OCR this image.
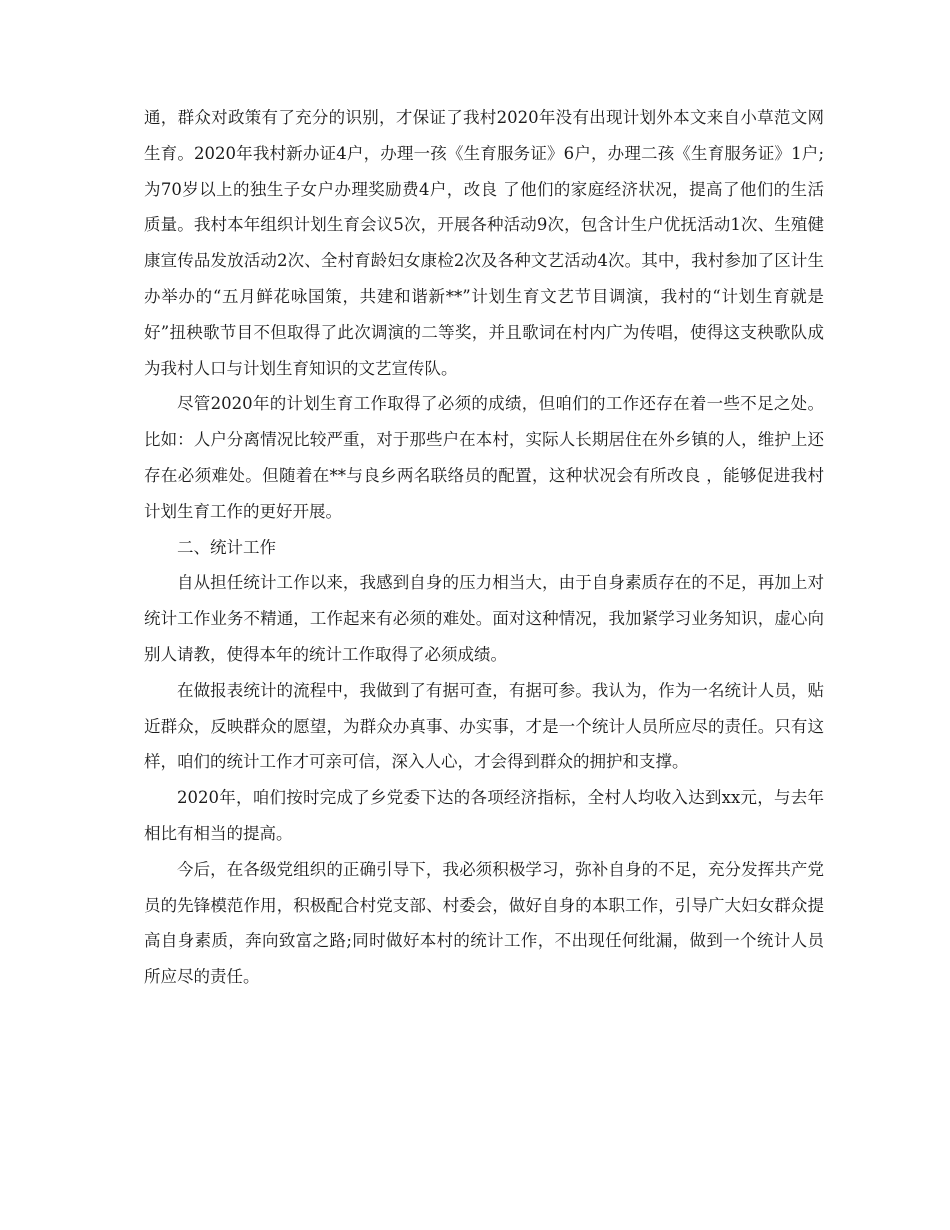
通，群众对政策有了充分的识别，才保证了我村2020年没有出现计划外本文来自小草范文网生育。2020年我村新办证4户，办理一孩《生育服务证》6户，办理二孩《生育服务证》1户;为70岁以上的独生子女户办理奖励费4户，改良 了他们的家庭经济状况，提高了他们的生活质量。我村本年组织计划生育会议5次，开展各种活动9次，包含计生户优抚活动1次、生殖健康宣传品发放活动2次、全村育龄妇女康检2次及各种文艺活动4次。其中，我村参加了区计生办举办的“五月鲜花咏国策，共建和谐新**”计划生育文艺节目调演，我村的“计划生育就是好”扭秧歌节目不但取得了此次调演的二等奖，并且歌词在村内广为传唱，使得这支秧歌队成为我村人口与计划生育知识的文艺宣传队。

尽管2020年的计划生育工作取得了必须的成绩，但咱们的工作还存在着一些不足之处。比如：人户分离情况比较严重，对于那些户在本村，实际人长期居住在外乡镇的人，维护上还存在必须难处。但随着在**与良乡两名联络员的配置，这种状况会有所改良 ，能够促进我村计划生育工作的更好开展。

二、统计工作

自从担任统计工作以来，我感到自身的压力相当大，由于自身素质存在的不足，再加上对统计工作业务不精通，工作起来有必须的难处。面对这种情况，我加紧学习业务知识，虚心向别人请教，使得本年的统计工作取得了必须成绩。

在做报表统计的流程中，我做到了有据可查，有据可参。我认为，作为一名统计人员，贴近群众，反映群众的愿望，为群众办真事、办实事，才是一个统计人员所应尽的责任。只有这样，咱们的统计工作才可亲可信，深入人心，才会得到群众的拥护和支撑。

2020年，咱们按时完成了乡党委下达的各项经济指标，全村人均收入达到xx元，与去年相比有相当的提高。

今后，在各级党组织的正确引导下，我必须积极学习，弥补自身的不足，充分发挥共产党员的先锋模范作用，积极配合村党支部、村委会，做好自身的本职工作，引导广大妇女群众提高自身素质，奔向致富之路;同时做好本村的统计工作，不出现任何纰漏，做到一个统计人员所应尽的责任。
